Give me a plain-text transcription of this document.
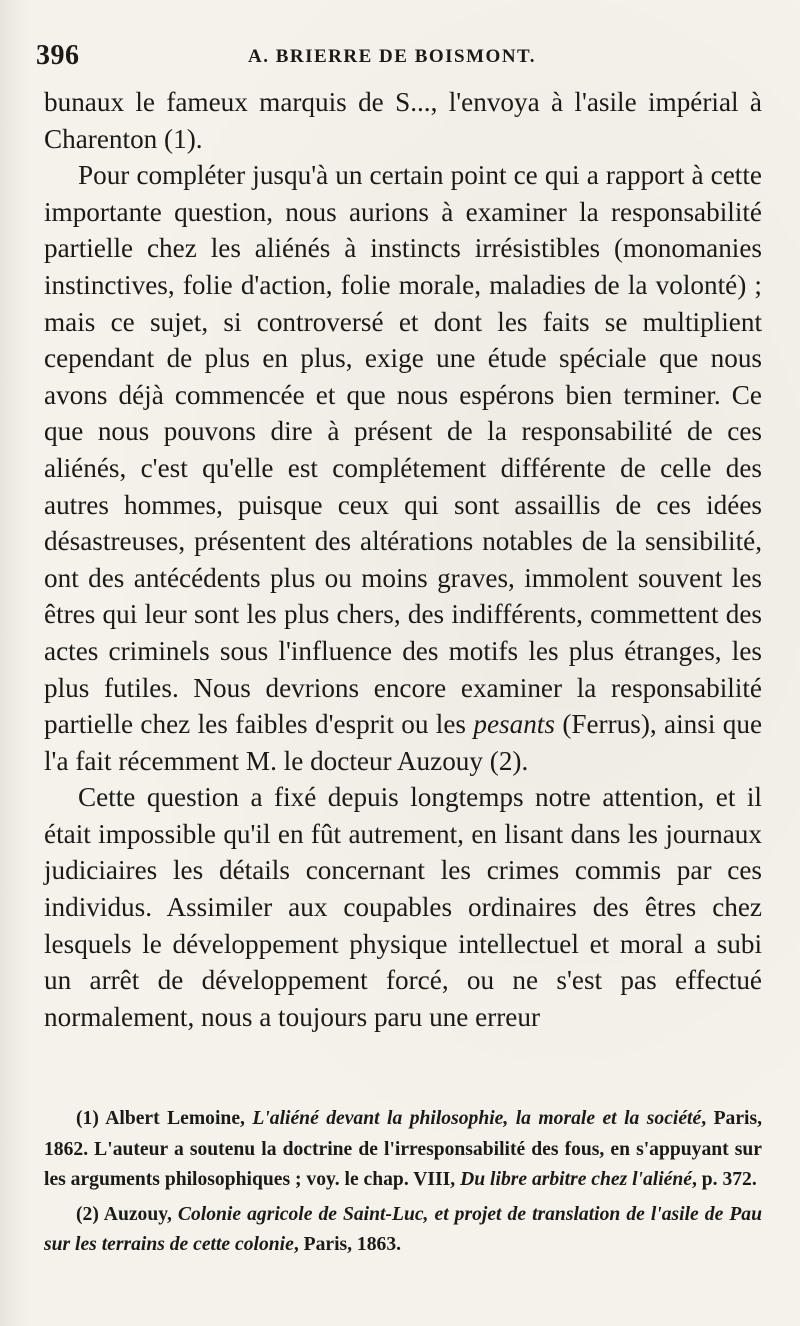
396	A. BRIERRE DE BOISMONT.

bunaux le fameux marquis de S..., l'envoya à l'asile impérial à Charenton (1).

Pour compléter jusqu'à un certain point ce qui a rapport à cette importante question, nous aurions à examiner la responsabilité partielle chez les aliénés à instincts irrésistibles (monomanies instinctives, folie d'action, folie morale, maladies de la volonté) ; mais ce sujet, si controversé et dont les faits se multiplient cependant de plus en plus, exige une étude spéciale que nous avons déjà commencée et que nous espérons bien terminer. Ce que nous pouvons dire à présent de la responsabilité de ces aliénés, c'est qu'elle est complétement différente de celle des autres hommes, puisque ceux qui sont assaillis de ces idées désastreuses, présentent des altérations notables de la sensibilité, ont des antécédents plus ou moins graves, immolent souvent les êtres qui leur sont les plus chers, des indifférents, commettent des actes criminels sous l'influence des motifs les plus étranges, les plus futiles. Nous devrions encore examiner la responsabilité partielle chez les faibles d'esprit ou les pesants (Ferrus), ainsi que l'a fait récemment M. le docteur Auzouy (2).

Cette question a fixé depuis longtemps notre attention, et il était impossible qu'il en fût autrement, en lisant dans les journaux judiciaires les détails concernant les crimes commis par ces individus. Assimiler aux coupables ordinaires des êtres chez lesquels le développement physique intellectuel et moral a subi un arrêt de développement forcé, ou ne s'est pas effectué normalement, nous a toujours paru une erreur

(1) Albert Lemoine, L'aliéné devant la philosophie, la morale et la société, Paris, 1862. L'auteur a soutenu la doctrine de l'irresponsabilité des fous, en s'appuyant sur les arguments philosophiques ; voy. le chap. VIII, Du libre arbitre chez l'aliéné, p. 372.

(2) Auzouy, Colonie agricole de Saint-Luc, et projet de translation de l'asile de Pau sur les terrains de cette colonie, Paris, 1863.
